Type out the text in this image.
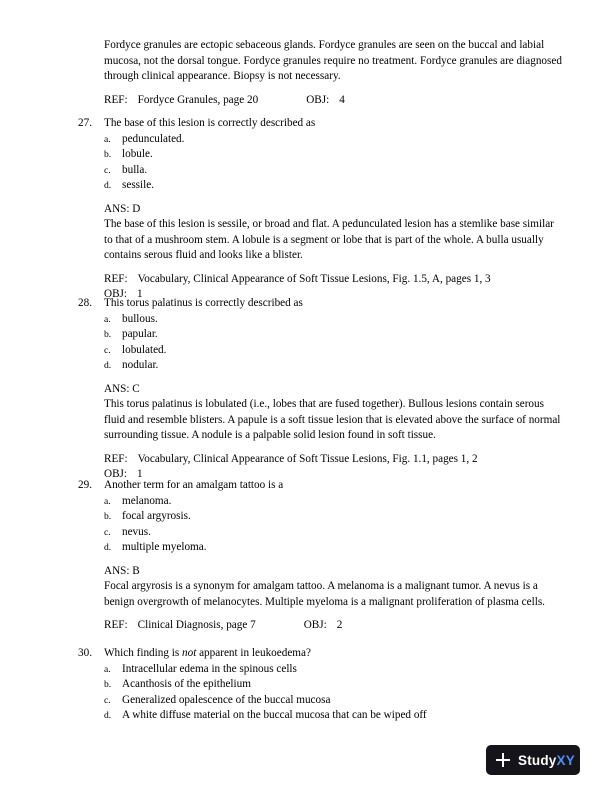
Fordyce granules are ectopic sebaceous glands. Fordyce granules are seen on the buccal and labial mucosa, not the dorsal tongue. Fordyce granules require no treatment. Fordyce granules are diagnosed through clinical appearance. Biopsy is not necessary.

REF: Fordyce Granules, page 20	OBJ: 4
27.	The base of this lesion is correctly described as
a.	pedunculated.
b. lobule.
c.	bulla.
d. sessile.
ANS: D

The base of this lesion is sessile, or broad and flat. A pedunculated lesion has a stemlike base similar to that of a mushroom stem. A lobule is a segment or lobe that is part of the whole. A bulla usually contains serous fluid and looks like a blister.

REF: Vocabulary, Clinical Appearance of Soft Tissue Lesions, Fig. 1.5, A, pages 1, 3
OBJ: 1
28.	This torus palatinus is correctly described as
a.	bullous.
b. papular.
c.	lobulated.
d. nodular.
ANS: C

This torus palatinus is lobulated (i.e., lobes that are fused together). Bullous lesions contain serous fluid and resemble blisters. A papule is a soft tissue lesion that is elevated above the surface of normal surrounding tissue. A nodule is a palpable solid lesion found in soft tissue.

REF: Vocabulary, Clinical Appearance of Soft Tissue Lesions, Fig. 1.1, pages 1, 2
OBJ: 1
29.	Another term for an amalgam tattoo is a
a.	melanoma.
b. focal argyrosis.
c.	nevus.
d. multiple myeloma.
ANS: B

Focal argyrosis is a synonym for amalgam tattoo. A melanoma is a malignant tumor. A nevus is a benign overgrowth of melanocytes. Multiple myeloma is a malignant proliferation of plasma cells.

REF: Clinical Diagnosis, page 7	OBJ: 2
30.	Which finding is not apparent in leukoedema?
a.	Intracellular edema in the spinous cells
b. Acanthosis of the epithelium
c.	Generalized opalescence of the buccal mucosa
d. A white diffuse material on the buccal mucosa that can be wiped off
StudyXY
